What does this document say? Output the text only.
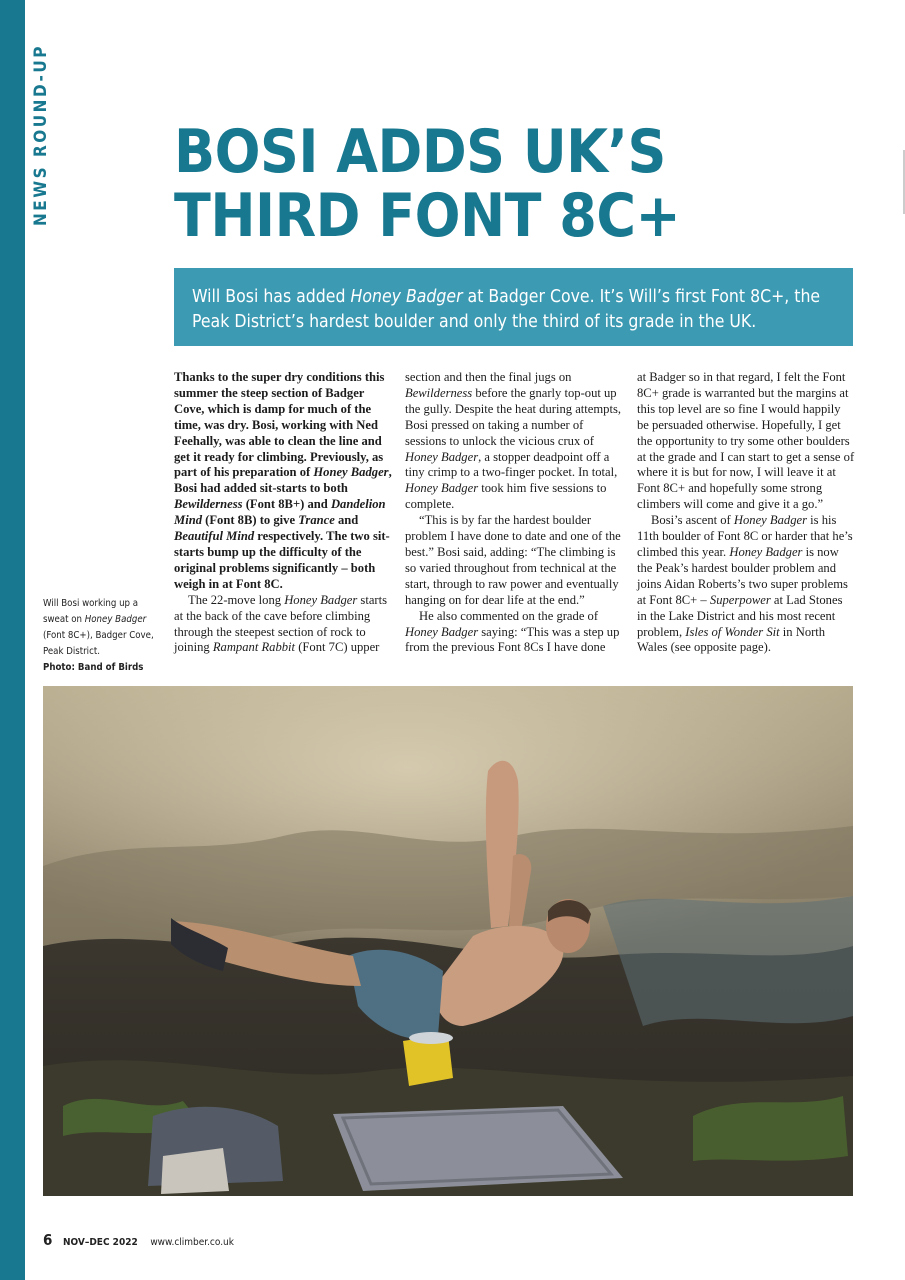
NEWS ROUND-UP BOSI ADDS UK’S
THIRD FONT 8C+
Will Bosi has added Honey Badger at Badger Cove. It’s Will’s first Font 8C+, the Peak District’s hardest boulder and only the third of its grade in the UK.

Thanks to the super dry conditions this summer the steep section of Badger Cove, which is damp for much of the time, was dry. Bosi, working with Ned Feehally, was able to clean the line and get it ready for climbing. Previously, as part of his preparation of Honey Badger, Bosi had added sit-starts to both Bewilderness (Font 8B+) and Dandelion Mind (Font 8B) to give Trance and Beautiful Mind respectively. The two sit-starts bump up the difficulty of the original problems significantly – both weigh in at Font 8C.

The 22-move long Honey Badger starts at the back of the cave before climbing through the steepest section of rock to joining Rampant Rabbit (Font 7C) upper

section and then the final jugs on Bewilderness before the gnarly top-out up the gully. Despite the heat during attempts, Bosi pressed on taking a number of sessions to unlock the vicious crux of Honey Badger, a stopper deadpoint off a tiny crimp to a two-finger pocket. In total, Honey Badger took him five sessions to complete.

“This is by far the hardest boulder problem I have done to date and one of the best.” Bosi said, adding: “The climbing is so varied throughout from technical at the start, through to raw power and eventually hanging on for dear life at the end.”

He also commented on the grade of Honey Badger saying: “This was a step up from the previous Font 8Cs I have done

at Badger so in that regard, I felt the Font 8C+ grade is warranted but the margins at this top level are so fine I would happily be persuaded otherwise. Hopefully, I get the opportunity to try some other boulders at the grade and I can start to get a sense of where it is but for now, I will leave it at Font 8C+ and hopefully some strong climbers will come and give it a go.”

Bosi’s ascent of Honey Badger is his 11th boulder of Font 8C or harder that he’s climbed this year. Honey Badger is now the Peak’s hardest boulder problem and joins Aidan Roberts’s two super problems at Font 8C+ – Superpower at Lad Stones in the Lake District and his most recent problem, Isles of Wonder Sit in North Wales (see opposite page).

Will Bosi working up a sweat on Honey Badger (Font 8C+), Badger Cove, Peak District.
Photo: Band of Birds
6 NOV–DEC 2022 www.climber.co.uk
